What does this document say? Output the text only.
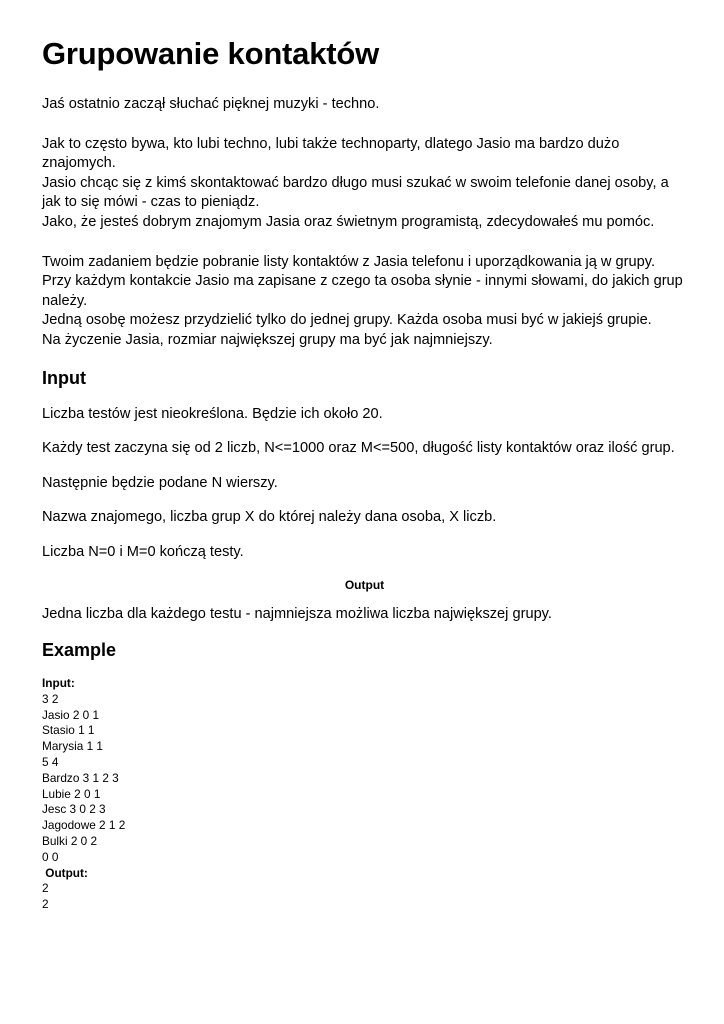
Grupowanie kontaktów

Jaś ostatnio zaczął słuchać pięknej muzyki - techno.

Jak to często bywa, kto lubi techno, lubi także technoparty, dlatego Jasio ma bardzo dużo znajomych.

Jasio chcąc się z kimś skontaktować bardzo długo musi szukać w swoim telefonie danej osoby, a jak to się mówi - czas to pieniądz.

Jako, że jesteś dobrym znajomym Jasia oraz świetnym programistą, zdecydowałeś mu pomóc.

Twoim zadaniem będzie pobranie listy kontaktów z Jasia telefonu i uporządkowania ją w grupy.

Przy każdym kontakcie Jasio ma zapisane z czego ta osoba słynie - innymi słowami, do jakich grup należy.

Jedną osobę możesz przydzielić tylko do jednej grupy. Każda osoba musi być w jakiejś grupie.

Na życzenie Jasia, rozmiar największej grupy ma być jak najmniejszy.

Input

Liczba testów jest nieokreślona. Będzie ich około 20.

Każdy test zaczyna się od 2 liczb, N<=1000 oraz M<=500, długość listy kontaktów oraz ilość grup.

Następnie będzie podane N wierszy.

Nazwa znajomego, liczba grup X do której należy dana osoba, X liczb.

Liczba N=0 i M=0 kończą testy.

Output

Jedna liczba dla każdego testu - najmniejsza możliwa liczba największej grupy.

Example
Input:
3 2
Jasio 2 0 1
Stasio 1 1
Marysia 1 1
5 4
Bardzo 3 1 2 3
Lubie 2 0 1
Jesc 3 0 2 3
Jagodowe 2 1 2
Bulki 2 0 2
0 0
Output:
2
2
